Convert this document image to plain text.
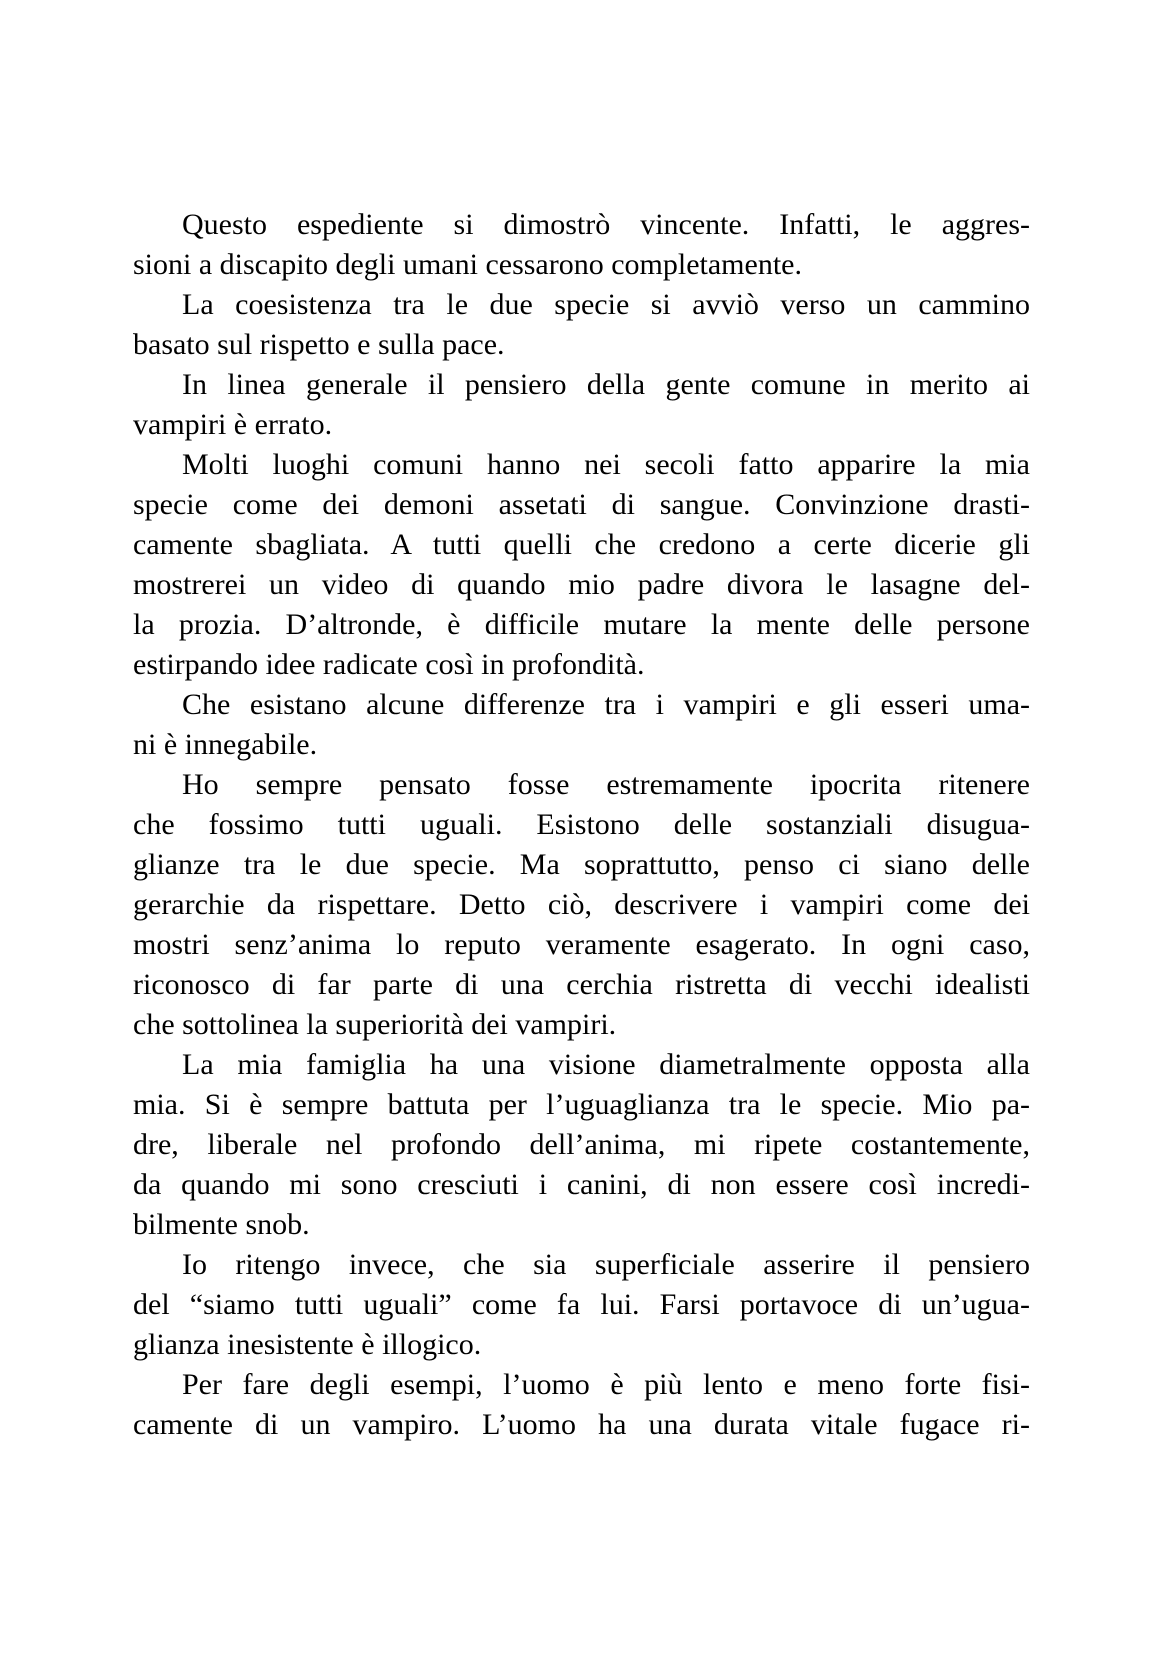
Questo espediente si dimostrò vincente. Infatti, le aggres-
sioni a discapito degli umani cessarono completamente.
La coesistenza tra le due specie si avviò verso un cammino
basato sul rispetto e sulla pace.
In linea generale il pensiero della gente comune in merito ai
vampiri è errato.
Molti luoghi comuni hanno nei secoli fatto apparire la mia
specie come dei demoni assetati di sangue. Convinzione drasti-
camente sbagliata. A tutti quelli che credono a certe dicerie gli
mostrerei un video di quando mio padre divora le lasagne del-
la prozia. D’altronde, è difficile mutare la mente delle persone
estirpando idee radicate così in profondità.
Che esistano alcune differenze tra i vampiri e gli esseri uma-
ni è innegabile.
Ho sempre pensato fosse estremamente ipocrita ritenere
che fossimo tutti uguali. Esistono delle sostanziali disugua-
glianze tra le due specie. Ma soprattutto, penso ci siano delle
gerarchie da rispettare. Detto ciò, descrivere i vampiri come dei
mostri senz’anima lo reputo veramente esagerato. In ogni caso,
riconosco di far parte di una cerchia ristretta di vecchi idealisti
che sottolinea la superiorità dei vampiri.
La mia famiglia ha una visione diametralmente opposta alla
mia. Si è sempre battuta per l’uguaglianza tra le specie. Mio pa-
dre, liberale nel profondo dell’anima, mi ripete costantemente,
da quando mi sono cresciuti i canini, di non essere così incredi-
bilmente snob.
Io ritengo invece, che sia superficiale asserire il pensiero
del “siamo tutti uguali” come fa lui. Farsi portavoce di un’ugua-
glianza inesistente è illogico.
Per fare degli esempi, l’uomo è più lento e meno forte fisi-
camente di un vampiro. L’uomo ha una durata vitale fugace ri-
